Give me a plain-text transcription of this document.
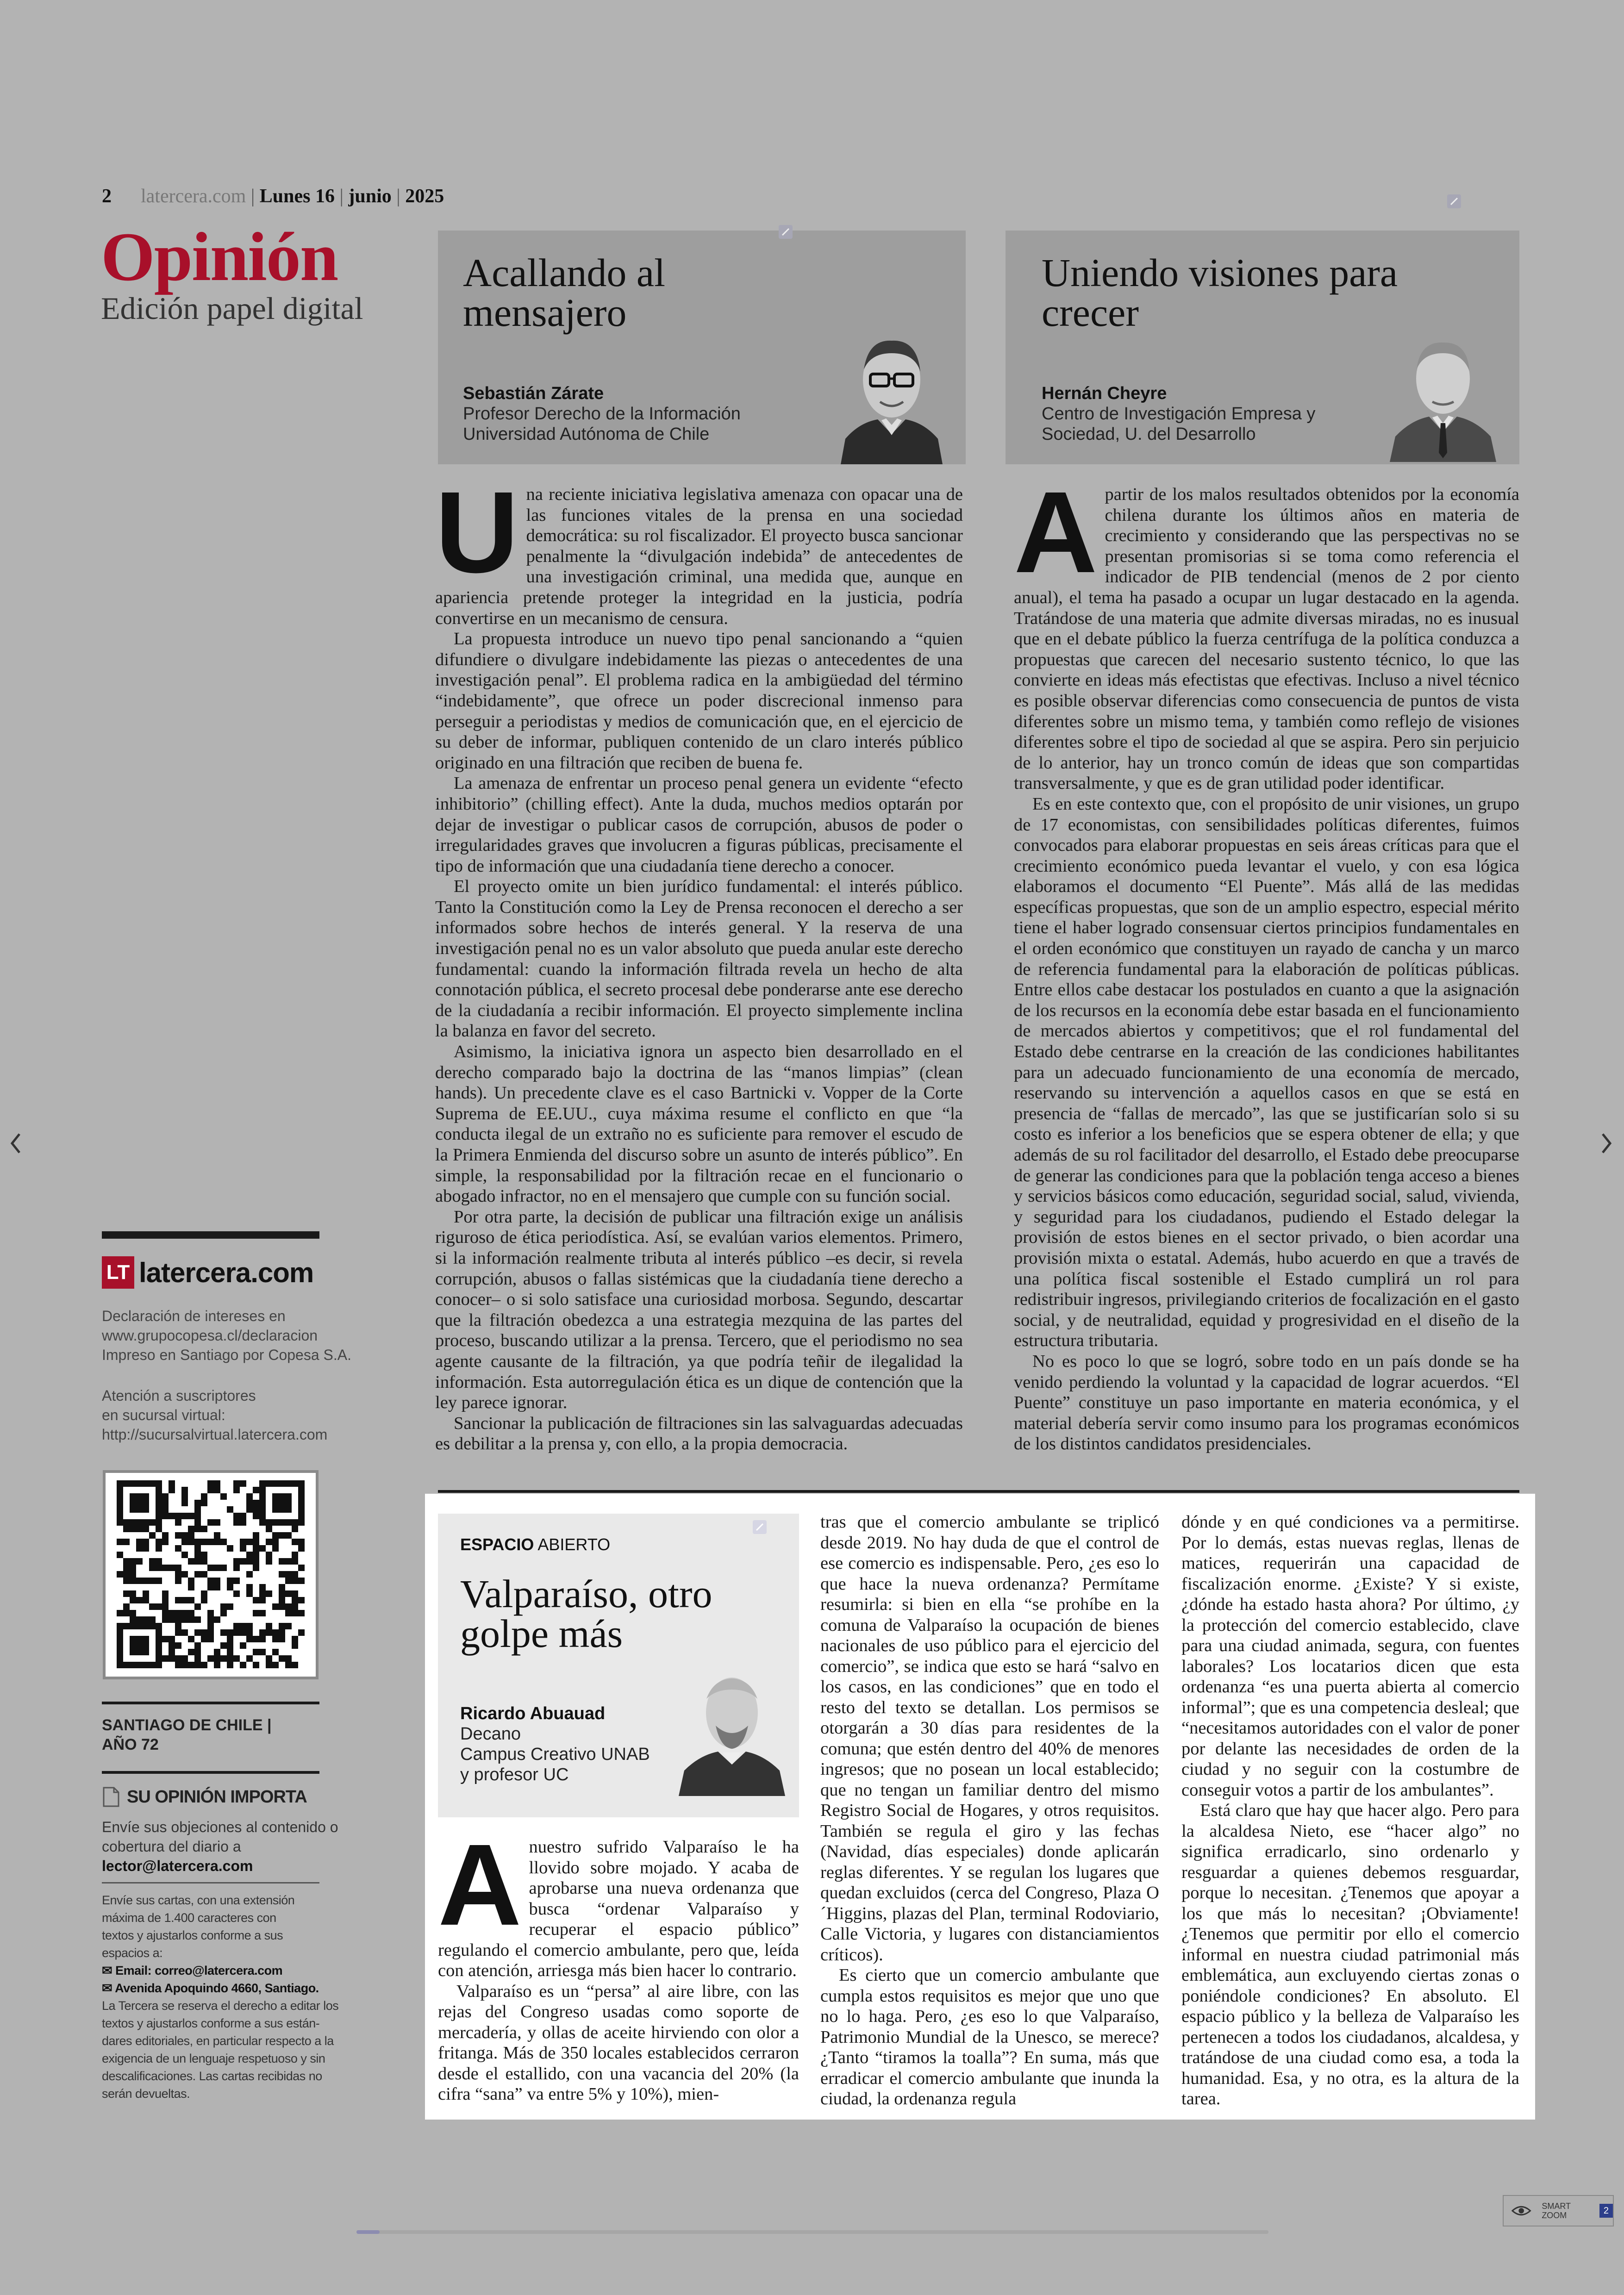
2 latercera.com | Lunes 16 | junio | 2025
Opinión
Edición papel digital
Acallando al
mensajero
Sebastián Zárate
Profesor Derecho de la Información
Universidad Autónoma de Chile
Uniendo visiones para
crecer
Hernán Cheyre
Centro de Investigación Empresa y
Sociedad, U. del Desarrollo

Una reciente iniciativa legislativa amenaza con opacar una de las funciones vitales de la prensa en una sociedad democrática: su rol fiscalizador. El proyecto busca sancionar penalmente la “divulgación indebida” de antecedentes de una investigación criminal, una medida que, aunque en apariencia pretende proteger la integridad en la justicia, podría convertirse en un mecanismo de censura.

La propuesta introduce un nuevo tipo penal sancionando a “quien difundiere o divulgare indebidamente las piezas o antecedentes de una investigación penal”. El problema radica en la ambigüedad del término “indebidamente”, que ofrece un poder discrecional inmenso para perseguir a periodistas y medios de comunicación que, en el ejercicio de su deber de informar, publiquen contenido de un claro interés público originado en una filtración que reciben de buena fe.

La amenaza de enfrentar un proceso penal genera un evidente “efecto inhibitorio” (chilling effect). Ante la duda, muchos medios optarán por dejar de investigar o publicar casos de corrupción, abusos de poder o irregularidades graves que involucren a figuras públicas, precisamente el tipo de información que una ciudadanía tiene derecho a conocer.

El proyecto omite un bien jurídico fundamental: el interés público. Tanto la Constitución como la Ley de Prensa reconocen el derecho a ser informados sobre hechos de interés general. Y la reserva de una investigación penal no es un valor absoluto que pueda anular este derecho fundamental: cuando la información filtrada revela un hecho de alta connotación pública, el secreto procesal debe ponderarse ante ese derecho de la ciudadanía a recibir información. El proyecto simplemente inclina la balanza en favor del secreto.

Asimismo, la iniciativa ignora un aspecto bien desarrollado en el derecho comparado bajo la doctrina de las “manos limpias” (clean hands). Un precedente clave es el caso Bartnicki v. Vopper de la Corte Suprema de EE.UU., cuya máxima resume el conflicto en que “la conducta ilegal de un extraño no es suficiente para remover el escudo de la Primera Enmienda del discurso sobre un asunto de interés público”. En simple, la responsabilidad por la filtración recae en el funcionario o abogado infractor, no en el mensajero que cumple con su función social.

Por otra parte, la decisión de publicar una filtración exige un análisis riguroso de ética periodística. Así, se evalúan varios elementos. Primero, si la información realmente tributa al interés público –es decir, si revela corrupción, abusos o fallas sistémicas que la ciudadanía tiene derecho a conocer– o si solo satisface una curiosidad morbosa. Segundo, descartar que la filtración obedezca a una estrategia mezquina de las partes del proceso, buscando utilizar a la prensa. Tercero, que el periodismo no sea agente causante de la filtración, ya que podría teñir de ilegalidad la información. Esta autorregulación ética es un dique de contención que la ley parece ignorar.

Sancionar la publicación de filtraciones sin las salvaguardas adecuadas es debilitar a la prensa y, con ello, a la propia democracia.

Apartir de los malos resultados obtenidos por la economía chilena durante los últimos años en materia de crecimiento y considerando que las perspectivas no se presentan promisorias si se toma como referencia el indicador de PIB tendencial (menos de 2 por ciento anual), el tema ha pasado a ocupar un lugar destacado en la agenda. Tratándose de una materia que admite diversas miradas, no es inusual que en el debate público la fuerza centrífuga de la política conduzca a propuestas que carecen del necesario sustento técnico, lo que las convierte en ideas más efectistas que efectivas. Incluso a nivel técnico es posible observar diferencias como consecuencia de puntos de vista diferentes sobre un mismo tema, y también como reflejo de visiones diferentes sobre el tipo de sociedad al que se aspira. Pero sin perjuicio de lo anterior, hay un tronco común de ideas que son compartidas transversalmente, y que es de gran utilidad poder identificar.

Es en este contexto que, con el propósito de unir visiones, un grupo de 17 economistas, con sensibilidades políticas diferentes, fuimos convocados para elaborar propuestas en seis áreas críticas para que el crecimiento económico pueda levantar el vuelo, y con esa lógica elaboramos el documento “El Puente”. Más allá de las medidas específicas propuestas, que son de un amplio espectro, especial mérito tiene el haber logrado consensuar ciertos principios fundamentales en el orden económico que constituyen un rayado de cancha y un marco de referencia fundamental para la elaboración de políticas públicas. Entre ellos cabe destacar los postulados en cuanto a que la asignación de los recursos en la economía debe estar basada en el funcionamiento de mercados abiertos y competitivos; que el rol fundamental del Estado debe centrarse en la creación de las condiciones habilitantes para un adecuado funcionamiento de una economía de mercado, reservando su intervención a aquellos casos en que se está en presencia de “fallas de mercado”, las que se justificarían solo si su costo es inferior a los beneficios que se espera obtener de ella; y que además de su rol facilitador del desarrollo, el Estado debe preocuparse de generar las condiciones para que la población tenga acceso a bienes y servicios básicos como educación, seguridad social, salud, vivienda, y seguridad para los ciudadanos, pudiendo el Estado delegar la provisión de estos bienes en el sector privado, o bien acordar una provisión mixta o estatal. Además, hubo acuerdo en que a través de una política fiscal sostenible el Estado cumplirá un rol para redistribuir ingresos, privilegiando criterios de focalización en el gasto social, y de neutralidad, equidad y progresividad en el diseño de la estructura tributaria.

No es poco lo que se logró, sobre todo en un país donde se ha venido perdiendo la voluntad y la capacidad de lograr acuerdos. “El Puente” constituye un paso importante en materia económica, y el material debería servir como insumo para los programas económicos de los distintos candidatos presidenciales.

ESPACIO ABIERTO
Valparaíso, otro
golpe más
Ricardo Abuauad
Decano
Campus Creativo UNAB
y profesor UC

Anuestro sufrido Valparaíso le ha llovido sobre mojado. Y acaba de aprobarse una nueva ordenanza que busca “ordenar Valparaíso y recuperar el espacio público” regulando el comercio ambulante, pero que, leída con atención, arriesga más bien hacer lo contrario.

Valparaíso es un “persa” al aire libre, con las rejas del Congreso usadas como soporte de mercadería, y ollas de aceite hirviendo con olor a fritanga. Más de 350 locales establecidos cerraron desde el estallido, con una vacancia del 20% (la cifra “sana” va entre 5% y 10%), mien-

tras que el comercio ambulante se triplicó desde 2019. No hay duda de que el control de ese comercio es indispensable. Pero, ¿es eso lo que hace la nueva ordenanza? Permítame resumirla: si bien en ella “se prohíbe en la comuna de Valparaíso la ocupación de bienes nacionales de uso público para el ejercicio del comercio”, se indica que esto se hará “salvo en los casos, en las condiciones” que en todo el resto del texto se detallan. Los permisos se otorgarán a 30 días para residentes de la comuna; que estén dentro del 40% de menores ingresos; que no posean un local establecido; que no tengan un familiar dentro del mismo Registro Social de Hogares, y otros requisitos. También se regula el giro y las fechas (Navidad, días especiales) donde aplicarán reglas diferentes. Y se regulan los lugares que quedan excluidos (cerca del Congreso, Plaza O´Higgins, plazas del Plan, terminal Rodoviario, Calle Victoria, y lugares con distanciamientos críticos).

Es cierto que un comercio ambulante que cumpla estos requisitos es mejor que uno que no lo haga. Pero, ¿es eso lo que Valparaíso, Patrimonio Mundial de la Unesco, se merece? ¿Tanto “tiramos la toalla”? En suma, más que erradicar el comercio ambulante que inunda la ciudad, la ordenanza regula

dónde y en qué condiciones va a permitirse. Por lo demás, estas nuevas reglas, llenas de matices, requerirán una capacidad de fiscalización enorme. ¿Existe? Y si existe, ¿dónde ha estado hasta ahora? Por último, ¿y la protección del comercio establecido, clave para una ciudad animada, segura, con fuentes laborales? Los locatarios dicen que esta ordenanza “es una puerta abierta al comercio informal”; que es una competencia desleal; que “necesitamos autoridades con el valor de poner por delante las necesidades de orden de la ciudad y no seguir con la costumbre de conseguir votos a partir de los ambulantes”.

Está claro que hay que hacer algo. Pero para la alcaldesa Nieto, ese “hacer algo” no significa erradicarlo, sino ordenarlo y resguardar a quienes debemos resguardar, porque lo necesitan. ¿Tenemos que apoyar a los que más lo necesitan? ¡Obviamente! ¿Tenemos que permitir por ello el comercio informal en nuestra ciudad patrimonial más emblemática, aun excluyendo ciertas zonas o poniéndole condiciones? En absoluto. El espacio público y la belleza de Valparaíso les pertenecen a todos los ciudadanos, alcaldesa, y tratándose de una ciudad como esa, a toda la humanidad. Esa, y no otra, es la altura de la tarea.

LT latercera.com
Declaración de intereses en
www.grupocopesa.cl/declaracion
Impreso en Santiago por Copesa S.A.
Atención a suscriptores
en sucursal virtual:
http://sucursalvirtual.latercera.com
SANTIAGO DE CHILE |
AÑO 72
SU OPINIÓN IMPORTA
Envíe sus objeciones al contenido o
cobertura del diario a
lector@latercera.com
Envíe sus cartas, con una extensión
máxima de 1.400 caracteres con
textos y ajustarlos conforme a sus
espacios a:
✉ Email: correo@latercera.com
✉ Avenida Apoquindo 4660, Santiago.
La Tercera se reserva el derecho a editar los
textos y ajustarlos conforme a sus están-
dares editoriales, en particular respecto a la
exigencia de un lenguaje respetuoso y sin
descalificaciones. Las cartas recibidas no
serán devueltas.
SMART
ZOOM	2
